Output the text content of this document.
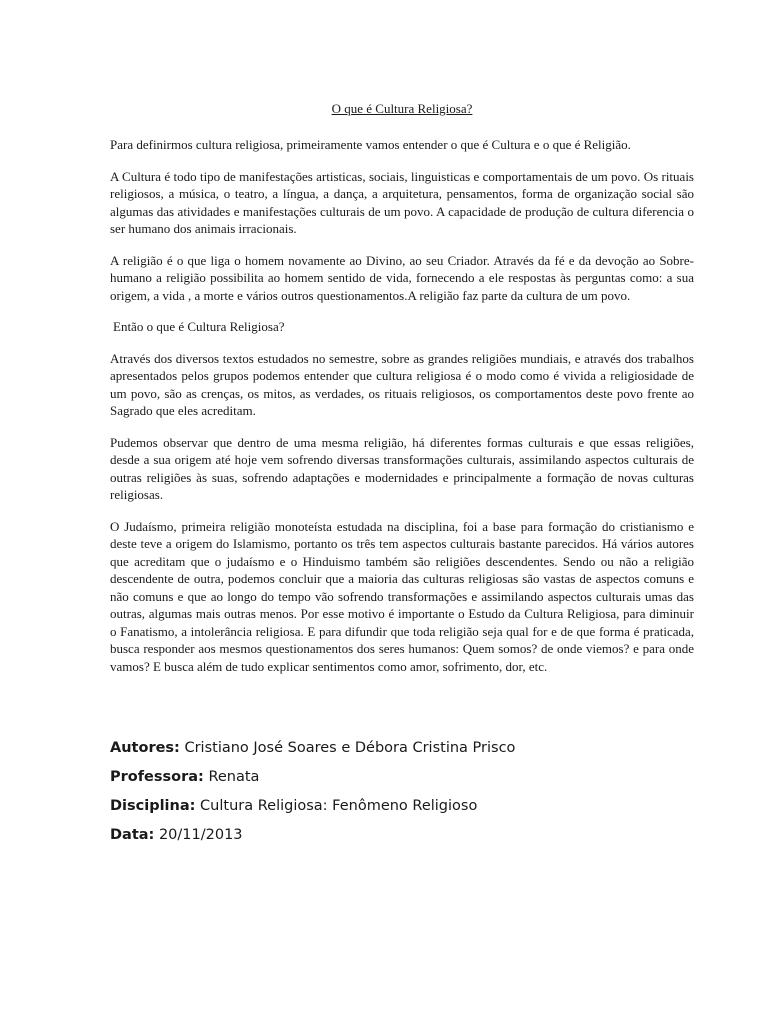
O que é Cultura Religiosa?

Para definirmos cultura religiosa, primeiramente vamos entender o que é Cultura e o que é Religião.

A Cultura é todo tipo de manifestações artisticas, sociais, linguisticas e comportamentais de um povo. Os rituais religiosos, a música, o teatro, a língua, a dança, a arquitetura, pensamentos, forma de organização social são algumas das atividades e manifestações culturais de um povo. A capacidade de produção de cultura diferencia o ser humano dos animais irracionais.

A religião é o que liga o homem novamente ao Divino, ao seu Criador. Através da fé e da devoção ao Sobre-humano a religião possibilita ao homem sentido de vida, fornecendo a ele respostas às perguntas como: a sua origem, a vida , a morte e vários outros questionamentos.A religião faz parte da cultura de um povo.

Então o que é Cultura Religiosa?

Através dos diversos textos estudados no semestre, sobre as grandes religiões mundiais, e através dos trabalhos apresentados pelos grupos podemos entender que cultura religiosa é o modo como é vivida a religiosidade de um povo, são as crenças, os mitos, as verdades, os rituais religiosos, os comportamentos deste povo frente ao Sagrado que eles acreditam.

Pudemos observar que dentro de uma mesma religião, há diferentes formas culturais e que essas religiões, desde a sua origem até hoje vem sofrendo diversas transformações culturais, assimilando aspectos culturais de outras religiões às suas, sofrendo adaptações e modernidades e principalmente a formação de novas culturas religiosas.

O Judaísmo, primeira religião monoteísta estudada na disciplina, foi a base para formação do cristianismo e deste teve a origem do Islamismo, portanto os três tem aspectos culturais bastante parecidos. Há vários autores que acreditam que o judaísmo e o Hinduismo também são religiões descendentes. Sendo ou não a religião descendente de outra, podemos concluir que a maioria das culturas religiosas são vastas de aspectos comuns e não comuns e que ao longo do tempo vão sofrendo transformações e assimilando aspectos culturais umas das outras, algumas mais outras menos. Por esse motivo é importante o Estudo da Cultura Religiosa, para diminuir o Fanatismo, a intolerância religiosa. E para difundir que toda religião seja qual for e de que forma é praticada, busca responder aos mesmos questionamentos dos seres humanos: Quem somos? de onde viemos? e para onde vamos? E busca além de tudo explicar sentimentos como amor, sofrimento, dor, etc.

Autores: Cristiano José Soares e Débora Cristina Prisco
Professora: Renata
Disciplina: Cultura Religiosa: Fenômeno Religioso
Data: 20/11/2013
